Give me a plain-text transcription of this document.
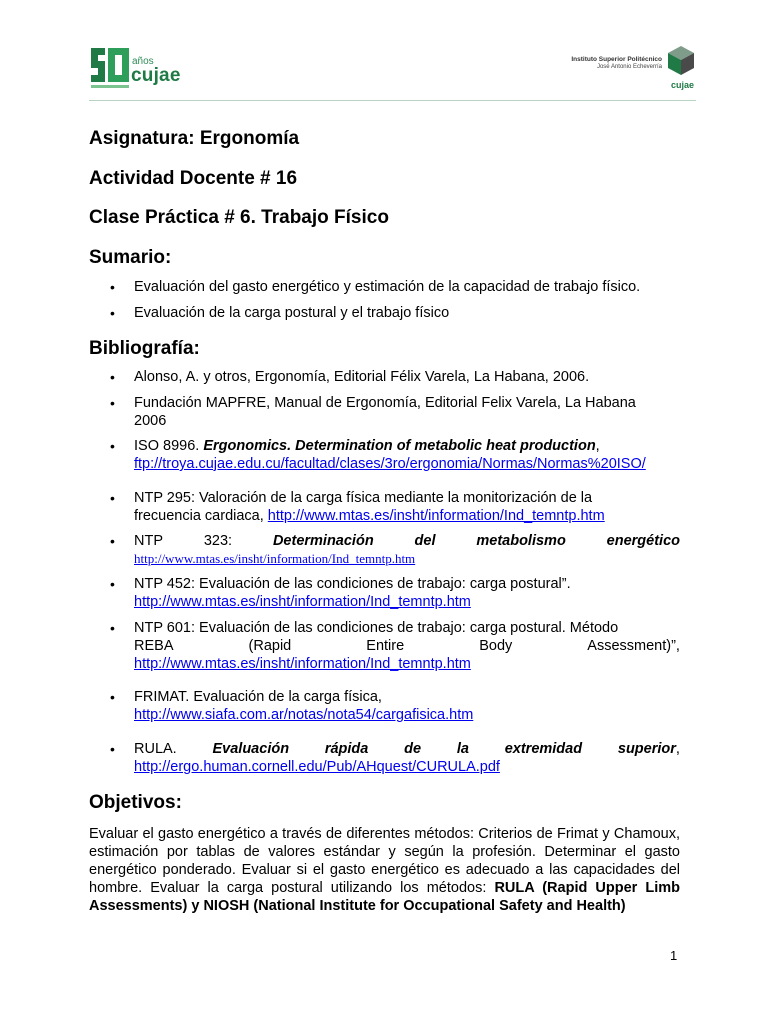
años
cujae
Instituto Superior Politécnico
José Antonio Echeverría
cujae
Asignatura: Ergonomía
Actividad Docente # 16
Clase Práctica # 6. Trabajo Físico
Sumario:
• Evaluación del gasto energético y estimación de la capacidad de trabajo físico.
• Evaluación de la carga postural y el trabajo físico
Bibliografía:
• Alonso, A. y otros, Ergonomía, Editorial Félix Varela, La Habana, 2006.
• Fundación MAPFRE, Manual de Ergonomía, Editorial Felix Varela, La Habana
2006
• ISO 8996. Ergonomics. Determination of metabolic heat production,
ftp://troya.cujae.edu.cu/facultad/clases/3ro/ergonomia/Normas/Normas%20ISO/
• NTP 295: Valoración de la carga física mediante la monitorización de la
frecuencia cardiaca, http://www.mtas.es/insht/information/Ind_temntp.htm
• NTP	323:	Determinación	del	metabolismo	energético
http://www.mtas.es/insht/information/Ind_temntp.htm
• NTP 452: Evaluación de las condiciones de trabajo: carga postural”.
http://www.mtas.es/insht/information/Ind_temntp.htm
• NTP 601: Evaluación de las condiciones de trabajo: carga postural. Método
REBA	(Rapid	Entire	Body	Assessment)”,
http://www.mtas.es/insht/information/Ind_temntp.htm
• FRIMAT. Evaluación de la carga física,
http://www.siafa.com.ar/notas/nota54/cargafisica.htm
• RULA. Evaluación rápida de la extremidad superior,
http://ergo.human.cornell.edu/Pub/AHquest/CURULA.pdf
Objetivos:
Evaluar el gasto energético a través de diferentes métodos: Criterios de Frimat y Chamoux, estimación por tablas de valores estándar y según la profesión. Determinar el gasto energético ponderado. Evaluar si el gasto energético es adecuado a las capacidades del hombre. Evaluar la carga postural utilizando los métodos: RULA (Rapid Upper Limb Assessments) y NIOSH (National Institute for Occupational Safety and Health)
1
